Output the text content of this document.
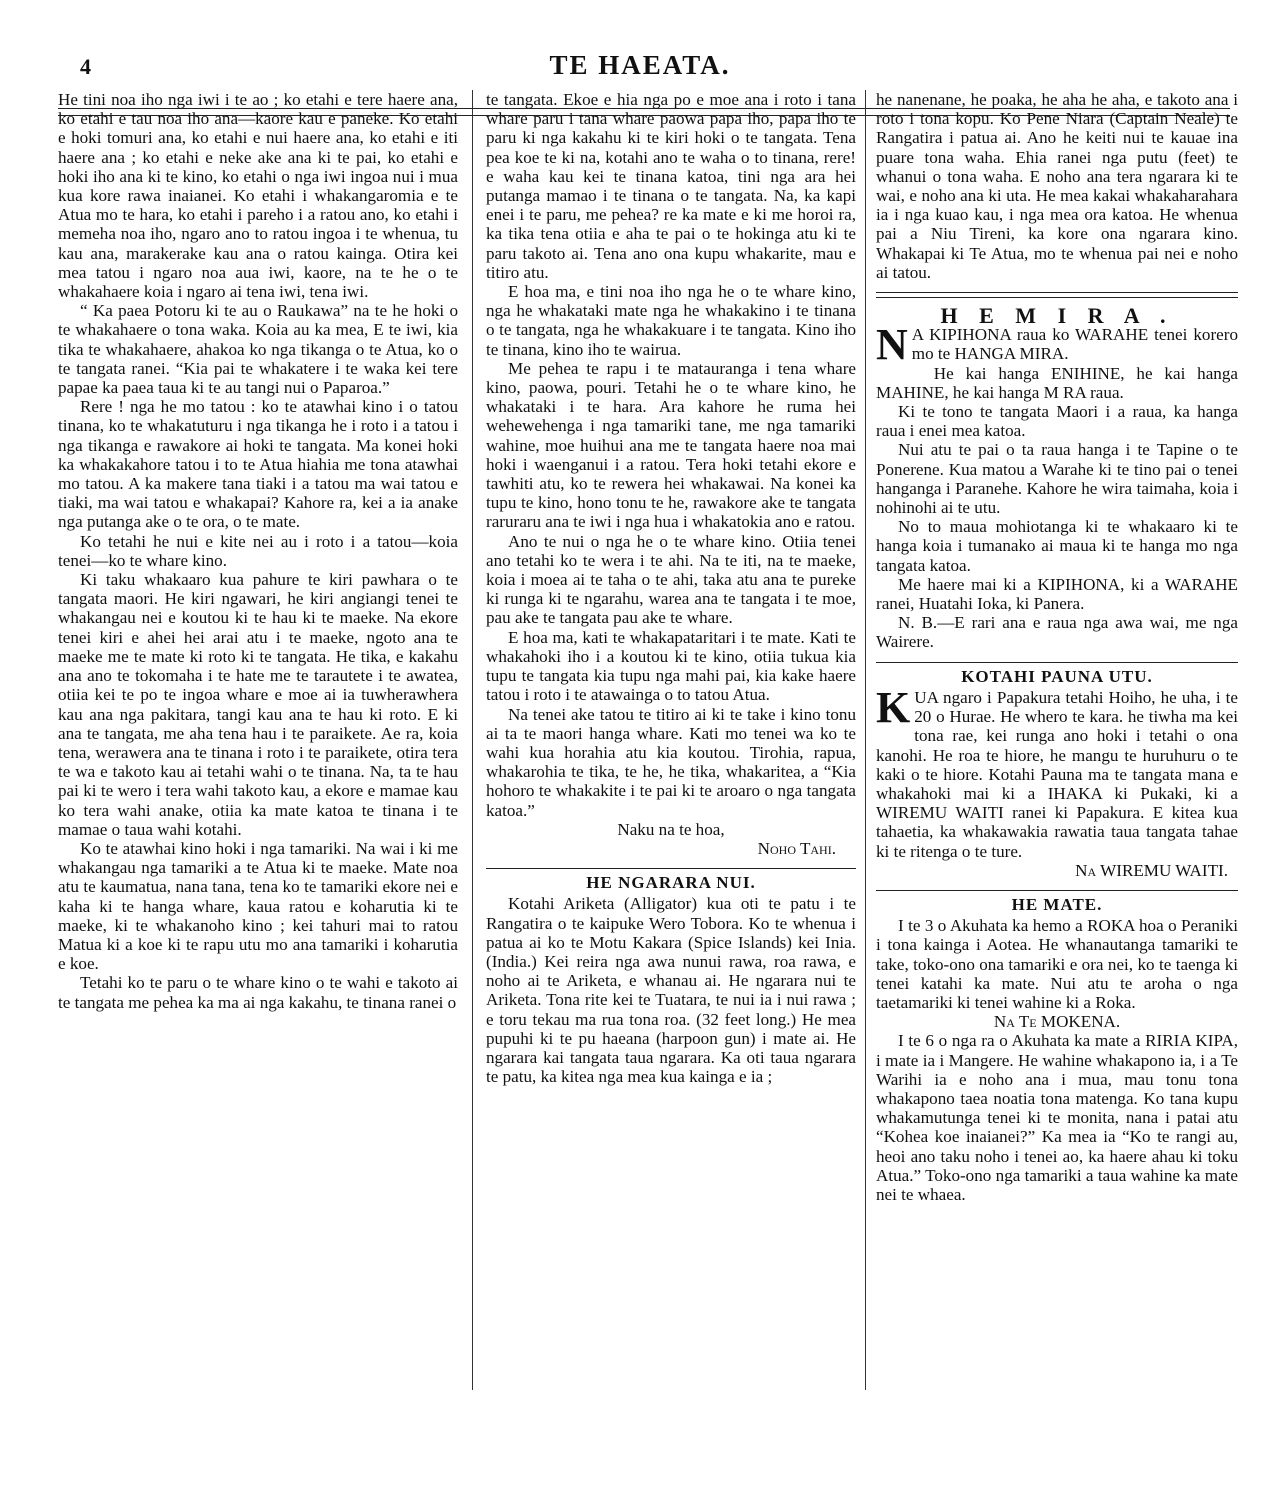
4	TE HAEATA.

He tini noa iho nga iwi i te ao ; ko etahi e tere haere ana, ko etahi e tau noa iho ana—kaore kau e paneke. Ko etahi e hoki tomuri ana, ko etahi e nui haere ana, ko etahi e iti haere ana ; ko etahi e neke ake ana ki te pai, ko etahi e hoki iho ana ki te kino, ko etahi o nga iwi ingoa nui i mua kua kore rawa inaianei. Ko etahi i whakangaromia e te Atua mo te hara, ko etahi i pareho i a ratou ano, ko etahi i memeha noa iho, ngaro ano to ratou ingoa i te whenua, tu kau ana, marakerake kau ana o ratou kainga. Otira kei mea tatou i ngaro noa aua iwi, kaore, na te he o te whakahaere koia i ngaro ai tena iwi, tena iwi.

“ Ka paea Potoru ki te au o Raukawa” na te he hoki o te whakahaere o tona waka. Koia au ka mea, E te iwi, kia tika te whakahaere, ahakoa ko nga tikanga o te Atua, ko o te tangata ranei. “Kia pai te whakatere i te waka kei tere papae ka paea taua ki te au tangi nui o Paparoa.”

Rere ! nga he mo tatou : ko te atawhai kino i o tatou tinana, ko te whakatuturu i nga tikanga he i roto i a tatou i nga tikanga e rawakore ai hoki te tangata. Ma konei hoki ka whakakahore tatou i to te Atua hiahia me tona atawhai mo tatou. A ka makere tana tiaki i a tatou ma wai tatou e tiaki, ma wai tatou e whakapai? Kahore ra, kei a ia anake nga putanga ake o te ora, o te mate.

Ko tetahi he nui e kite nei au i roto i a tatou—koia tenei—ko te whare kino.

Ki taku whakaaro kua pahure te kiri pawhara o te tangata maori. He kiri ngawari, he kiri angiangi tenei te whakangau nei e koutou ki te hau ki te maeke. Na ekore tenei kiri e ahei hei arai atu i te maeke, ngoto ana te maeke me te mate ki roto ki te tangata. He tika, e kakahu ana ano te tokomaha i te hate me te tarautete i te awatea, otiia kei te po te ingoa whare e moe ai ia tuwherawhera kau ana nga pakitara, tangi kau ana te hau ki roto. E ki ana te tangata, me aha tena hau i te paraikete. Ae ra, koia tena, werawera ana te tinana i roto i te paraikete, otira tera te wa e takoto kau ai tetahi wahi o te tinana. Na, ta te hau pai ki te wero i tera wahi takoto kau, a ekore e mamae kau ko tera wahi anake, otiia ka mate katoa te tinana i te mamae o taua wahi kotahi.

Ko te atawhai kino hoki i nga tamariki. Na wai i ki me whakangau nga tamariki a te Atua ki te maeke. Mate noa atu te kaumatua, nana tana, tena ko te tamariki ekore nei e kaha ki te hanga whare, kaua ratou e koharutia ki te maeke, ki te whakanoho kino ; kei tahuri mai to ratou Matua ki a koe ki te rapu utu mo ana tamariki i koharutia e koe.

Tetahi ko te paru o te whare kino o te wahi e takoto ai te tangata me pehea ka ma ai nga kakahu, te tinana ranei o

te tangata. Ekoe e hia nga po e moe ana i roto i tana whare paru i tana whare paowa papa iho, papa iho te paru ki nga kakahu ki te kiri hoki o te tangata. Tena pea koe te ki na, kotahi ano te waha o to tinana, rere! e waha kau kei te tinana katoa, tini nga ara hei putanga mamao i te tinana o te tangata. Na, ka kapi enei i te paru, me pehea? re ka mate e ki me horoi ra, ka tika tena otiia e aha te pai o te hokinga atu ki te paru takoto ai. Tena ano ona kupu whakarite, mau e titiro atu.

E hoa ma, e tini noa iho nga he o te whare kino, nga he whakataki mate nga he whakakino i te tinana o te tangata, nga he whakakuare i te tangata. Kino iho te tinana, kino iho te wairua.

Me pehea te rapu i te matauranga i tena whare kino, paowa, pouri. Tetahi he o te whare kino, he whakataki i te hara. Ara kahore he ruma hei wehewehenga i nga tamariki tane, me nga tamariki wahine, moe huihui ana me te tangata haere noa mai hoki i waenganui i a ratou. Tera hoki tetahi ekore e tawhiti atu, ko te rewera hei whakawai. Na konei ka tupu te kino, hono tonu te he, rawakore ake te tangata raruraru ana te iwi i nga hua i whakatokia ano e ratou.

Ano te nui o nga he o te whare kino. Otiia tenei ano tetahi ko te wera i te ahi. Na te iti, na te maeke, koia i moea ai te taha o te ahi, taka atu ana te pureke ki runga ki te ngarahu, warea ana te tangata i te moe, pau ake te tangata pau ake te whare.

E hoa ma, kati te whakapataritari i te mate. Kati te whakahoki iho i a koutou ki te kino, otiia tukua kia tupu te tangata kia tupu nga mahi pai, kia kake haere tatou i roto i te atawainga o to tatou Atua.

Na tenei ake tatou te titiro ai ki te take i kino tonu ai ta te maori hanga whare. Kati mo tenei wa ko te wahi kua horahia atu kia koutou. Tirohia, rapua, whakarohia te tika, te he, he tika, whakaritea, a “Kia hohoro te whakakite i te pai ki te aroaro o nga tangata katoa.”

Naku na te hoa,

Noho Tahi.

HE NGARARA NUI.

Kotahi Ariketa (Alligator) kua oti te patu i te Rangatira o te kaipuke Wero Tobora. Ko te whenua i patua ai ko te Motu Kakara (Spice Islands) kei Inia. (India.) Kei reira nga awa nunui rawa, roa rawa, e noho ai te Ariketa, e whanau ai. He ngarara nui te Ariketa. Tona rite kei te Tuatara, te nui ia i nui rawa ; e toru tekau ma rua tona roa. (32 feet long.) He mea pupuhi ki te pu haeana (harpoon gun) i mate ai. He ngarara kai tangata taua ngarara. Ka oti taua ngarara te patu, ka kitea nga mea kua kainga e ia ;

he nanenane, he poaka, he aha he aha, e takoto ana i roto i tona kopu. Ko Pene Niara (Captain Neale) te Rangatira i patua ai. Ano he keiti nui te kauae ina puare tona waha. Ehia ranei nga putu (feet) te whanui o tona waha. E noho ana tera ngarara ki te wai, e noho ana ki uta. He mea kakai whakaharahara ia i nga kuao kau, i nga mea ora katoa. He whenua pai a Niu Tireni, ka kore ona ngarara kino. Whakapai ki Te Atua, mo te whenua pai nei e noho ai tatou.

H E M I R A .

N A KIPIHONA raua ko WARAHE tenei korero mo te HANGA MIRA.

He kai hanga ENIHINE, he kai hanga MAHINE, he kai hanga M RA raua.

Ki te tono te tangata Maori i a raua, ka hanga raua i enei mea katoa.

Nui atu te pai o ta raua hanga i te Tapine o te Ponerene. Kua matou a Warahe ki te tino pai o tenei hanganga i Paranehe. Kahore he wira taimaha, koia i nohinohi ai te utu.

No to maua mohiotanga ki te whakaaro ki te hanga koia i tumanako ai maua ki te hanga mo nga tangata katoa.

Me haere mai ki a KIPIHONA, ki a WARAHE ranei, Huatahi Ioka, ki Panera.

N. B.—E rari ana e raua nga awa wai, me nga Wairere.

KOTAHI PAUNA UTU.

KUA ngaro i Papakura tetahi Hoiho, he uha, i te 20 o Hurae. He whero te kara. he tiwha ma kei tona rae, kei runga ano hoki i tetahi o ona kanohi. He roa te hiore, he mangu te huruhuru o te kaki o te hiore. Kotahi Pauna ma te tangata mana e whakahoki mai ki a IHAKA ki Pukaki, ki a WIREMU WAITI ranei ki Papakura. E kitea kua tahaetia, ka whakawakia rawatia taua tangata tahae ki te ritenga o te ture.

Na WIREMU WAITI.

HE MATE.

I te 3 o Akuhata ka hemo a ROKA hoa o Peraniki i tona kainga i Aotea. He whanautanga tamariki te take, toko-ono ona tamariki e ora nei, ko te taenga ki tenei katahi ka mate. Nui atu te aroha o nga taetamariki ki tenei wahine ki a Roka.

Na Te MOKENA.

I te 6 o nga ra o Akuhata ka mate a RIRIA KIPA, i mate ia i Mangere. He wahine whakapono ia, i a Te Warihi ia e noho ana i mua, mau tonu tona whakapono taea noatia tona matenga. Ko tana kupu whakamutunga tenei ki te monita, nana i patai atu “Kohea koe inaianei?” Ka mea ia “Ko te rangi au, heoi ano taku noho i tenei ao, ka haere ahau ki toku Atua.” Toko-ono nga tamariki a taua wahine ka mate nei te whaea.
